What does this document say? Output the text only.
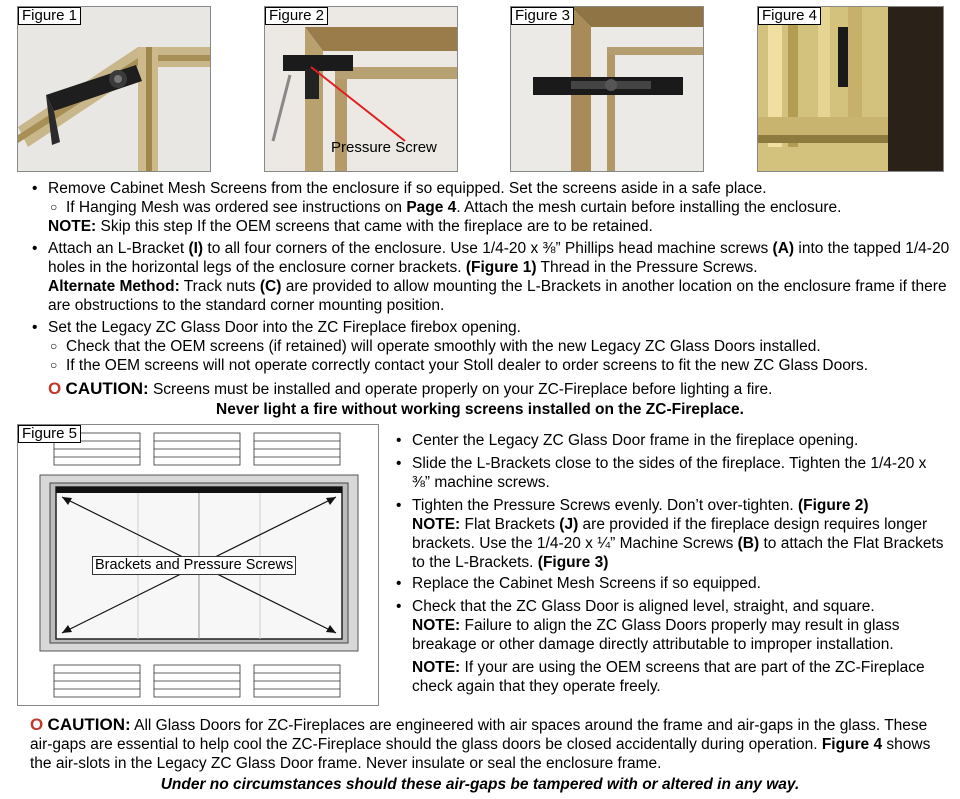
Figure 1	Figure 2
Pressure Screw
Figure 3	Figure 4
• Remove Cabinet Mesh Screens from the enclosure if so equipped. Set the screens aside in a safe place.
○ If Hanging Mesh was ordered see instructions on Page 4. Attach the mesh curtain before installing the enclosure.
NOTE: Skip this step If the OEM screens that came with the fireplace are to be retained.
• Attach an L-Bracket (I) to all four corners of the enclosure. Use 1/4-20 x ⅜” Phillips head machine screws (A) into the tapped 1/4-20 holes in the horizontal legs of the enclosure corner brackets. (Figure 1) Thread in the Pressure Screws.
Alternate Method: Track nuts (C) are provided to allow mounting the L-Brackets in another location on the enclosure frame if there are obstructions to the standard corner mounting position.
• Set the Legacy ZC Glass Door into the ZC Fireplace firebox opening.
○ Check that the OEM screens (if retained) will operate smoothly with the new Legacy ZC Glass Doors installed.
○ If the OEM screens will not operate correctly contact your Stoll dealer to order screens to fit the new ZC Glass Doors.
O CAUTION: Screens must be installed and operate properly on your ZC-Fireplace before lighting a fire.
Never light a fire without working screens installed on the ZC-Fireplace.
Figure 5
Brackets and Pressure Screws
• Center the Legacy ZC Glass Door frame in the fireplace opening.
• Slide the L-Brackets close to the sides of the fireplace. Tighten the 1/4-20 x ⅜” machine screws.
• Tighten the Pressure Screws evenly. Don’t over-tighten. (Figure 2)
NOTE: Flat Brackets (J) are provided if the fireplace design requires longer brackets. Use the 1/4-20 x ¼” Machine Screws (B) to attach the Flat Brackets to the L-Brackets. (Figure 3)
• Replace the Cabinet Mesh Screens if so equipped.
• Check that the ZC Glass Door is aligned level, straight, and square.
NOTE: Failure to align the ZC Glass Doors properly may result in glass breakage or other damage directly attributable to improper installation.

NOTE: If your are using the OEM screens that are part of the ZC-Fireplace check again that they operate freely.
O CAUTION: All Glass Doors for ZC-Fireplaces are engineered with air spaces around the frame and air-gaps in the glass. These air-gaps are essential to help cool the ZC-Fireplace should the glass doors be closed accidentally during operation. Figure 4 shows the air-slots in the Legacy ZC Glass Door frame. Never insulate or seal the enclosure frame.
Under no circumstances should these air-gaps be tampered with or altered in any way.
